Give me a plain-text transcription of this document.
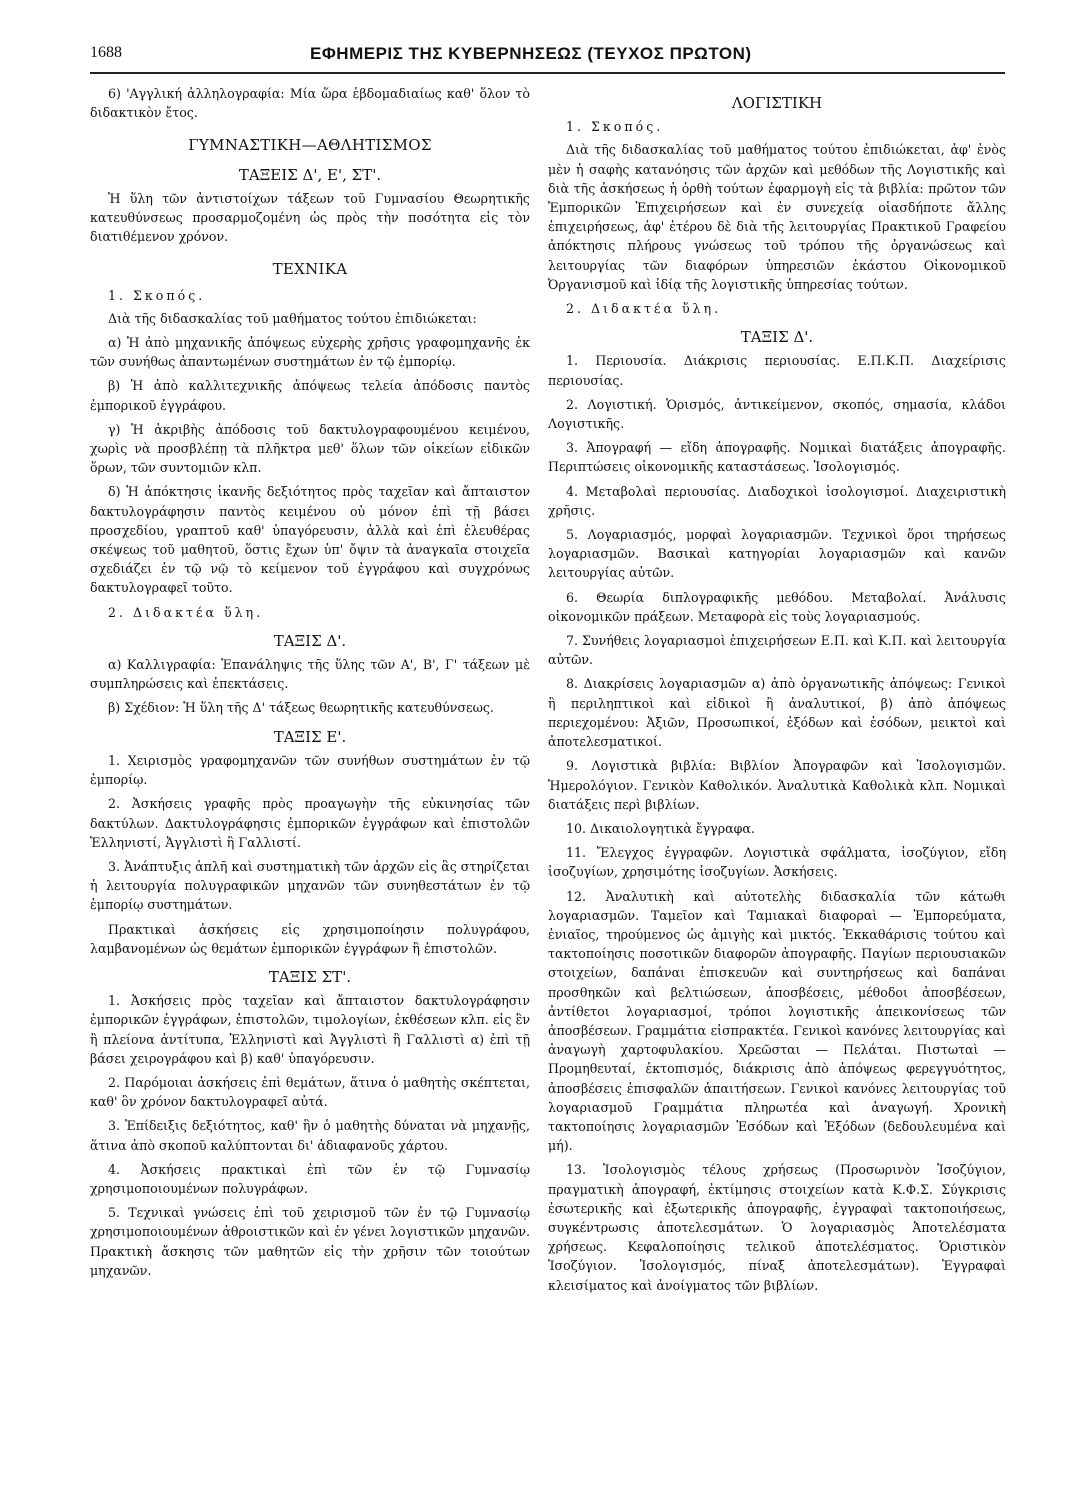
1688	ΕΦΗΜΕΡΙΣ ΤΗΣ ΚΥΒΕΡΝΗΣΕΩΣ (ΤΕΥΧΟΣ ΠΡΩΤΟΝ)

6) 'Αγγλική ἀλληλογραφία: Μία ὥρα ἑβδομαδιαίως καθ' ὅλον τὸ διδακτικὸν ἔτος.

ΓΥΜΝΑΣΤΙΚΗ—ΑΘΛΗΤΙΣΜΟΣ

ΤΑΞΕΙΣ Δ', Ε', ΣΤ'.

Ἡ ὕλη τῶν ἀντιστοίχων τάξεων τοῦ Γυμνασίου Θεωρητικῆς κατευθύνσεως προσαρμοζομένη ὡς πρὸς τὴν ποσότητα εἰς τὸν διατιθέμενον χρόνον.

ΤΕΧΝΙΚΑ

1. Σκοπός.

Διὰ τῆς διδασκαλίας τοῦ μαθήματος τούτου ἐπιδιώκεται:

α) Ἡ ἀπὸ μηχανικῆς ἀπόψεως εὐχερὴς χρῆσις γραφομηχανῆς ἐκ τῶν συνήθως ἀπαντωμένων συστημάτων ἐν τῷ ἐμπορίῳ.

β) Ἡ ἀπὸ καλλιτεχνικῆς ἀπόψεως τελεία ἀπόδοσις παντὸς ἐμπορικοῦ ἐγγράφου.

γ) Ἡ ἀκριβὴς ἀπόδοσις τοῦ δακτυλογραφουμένου κειμένου, χωρὶς νὰ προσβλέπῃ τὰ πλῆκτρα μεθ' ὅλων τῶν οἰκείων εἰδικῶν ὅρων, τῶν συντομιῶν κλπ.

δ) Ἡ ἀπόκτησις ἱκανῆς δεξιότητος πρὸς ταχεῖαν καὶ ἄπταιστον δακτυλογράφησιν παντὸς κειμένου οὐ μόνον ἐπὶ τῇ βάσει προσχεδίου, γραπτοῦ καθ' ὑπαγόρευσιν, ἀλλὰ καὶ ἐπὶ ἐλευθέρας σκέψεως τοῦ μαθητοῦ, ὅστις ἔχων ὑπ' ὄψιν τὰ ἀναγκαῖα στοιχεῖα σχεδιάζει ἐν τῷ νῷ τὸ κείμενον τοῦ ἐγγράφου καὶ συγχρόνως δακτυλογραφεῖ τοῦτο.

2. Διδακτέα ὕλη.

ΤΑΞΙΣ Δ'.

α) Καλλιγραφία: Ἐπανάληψις τῆς ὕλης τῶν Α', Β', Γ' τάξεων μὲ συμπληρώσεις καὶ ἐπεκτάσεις.

β) Σχέδιον: Ἡ ὕλη τῆς Δ' τάξεως θεωρητικῆς κατευθύνσεως.

ΤΑΞΙΣ Ε'.

1. Χειρισμὸς γραφομηχανῶν τῶν συνήθων συστημάτων ἐν τῷ ἐμπορίῳ.

2. Ἀσκήσεις γραφῆς πρὸς προαγωγὴν τῆς εὐκινησίας τῶν δακτύλων. Δακτυλογράφησις ἐμπορικῶν ἐγγράφων καὶ ἐπιστολῶν Ἑλληνιστί, Ἀγγλιστὶ ἢ Γαλλιστί.

3. Ἀνάπτυξις ἁπλῆ καὶ συστηματικὴ τῶν ἀρχῶν εἰς ἃς στηρίζεται ἡ λειτουργία πολυγραφικῶν μηχανῶν τῶν συνηθεστάτων ἐν τῷ ἐμπορίῳ συστημάτων.

Πρακτικαὶ ἀσκήσεις εἰς χρησιμοποίησιν πολυγράφου, λαμβανομένων ὡς θεμάτων ἐμπορικῶν ἐγγράφων ἢ ἐπιστολῶν.

ΤΑΞΙΣ ΣΤ'.

1. Ἀσκήσεις πρὸς ταχεῖαν καὶ ἄπταιστον δακτυλογράφησιν ἐμπορικῶν ἐγγράφων, ἐπιστολῶν, τιμολογίων, ἐκθέσεων κλπ. εἰς ἓν ἢ πλείονα ἀντίτυπα, Ἑλληνιστὶ καὶ Ἀγγλιστὶ ἢ Γαλλιστὶ α) ἐπὶ τῇ βάσει χειρογράφου καὶ β) καθ' ὑπαγόρευσιν.

2. Παρόμοιαι ἀσκήσεις ἐπὶ θεμάτων, ἅτινα ὁ μαθητὴς σκέπτεται, καθ' ὃν χρόνον δακτυλογραφεῖ αὐτά.

3. Ἐπίδειξις δεξιότητος, καθ' ἣν ὁ μαθητὴς δύναται νὰ μηχανῇς, ἅτινα ἀπὸ σκοποῦ καλύπτονται δι' ἀδιαφανοῦς χάρτου.

4. Ἀσκήσεις πρακτικαὶ ἐπὶ τῶν ἐν τῷ Γυμνασίῳ χρησιμοποιουμένων πολυγράφων.

5. Τεχνικαὶ γνώσεις ἐπὶ τοῦ χειρισμοῦ τῶν ἐν τῷ Γυμνασίῳ χρησιμοποιουμένων ἀθροιστικῶν καὶ ἐν γένει λογιστικῶν μηχανῶν. Πρακτικὴ ἄσκησις τῶν μαθητῶν εἰς τὴν χρῆσιν τῶν τοιούτων μηχανῶν.

ΛΟΓΙΣΤΙΚΗ

1. Σκοπός.

Διὰ τῆς διδασκαλίας τοῦ μαθήματος τούτου ἐπιδιώκεται, ἀφ' ἑνὸς μὲν ἡ σαφὴς κατανόησις τῶν ἀρχῶν καὶ μεθόδων τῆς Λογιστικῆς καὶ διὰ τῆς ἀσκήσεως ἡ ὀρθὴ τούτων ἐφαρμογὴ εἰς τὰ βιβλία: πρῶτον τῶν Ἐμπορικῶν Ἐπιχειρήσεων καὶ ἐν συνεχείᾳ οἱασδήποτε ἄλλης ἐπιχειρήσεως, ἀφ' ἑτέρου δὲ διὰ τῆς λειτουργίας Πρακτικοῦ Γραφείου ἀπόκτησις πλήρους γνώσεως τοῦ τρόπου τῆς ὀργανώσεως καὶ λειτουργίας τῶν διαφόρων ὑπηρεσιῶν ἑκάστου Οἰκονομικοῦ Ὀργανισμοῦ καὶ ἰδίᾳ τῆς λογιστικῆς ὑπηρεσίας τούτων.

2. Διδακτέα ὕλη.

ΤΑΞΙΣ Δ'.

1. Περιουσία. Διάκρισις περιουσίας. Ε.Π.Κ.Π. Διαχείρισις περιουσίας.

2. Λογιστική. Ὁρισμός, ἀντικείμενον, σκοπός, σημασία, κλάδοι Λογιστικῆς.

3. Ἀπογραφή — εἴδη ἀπογραφῆς. Νομικαὶ διατάξεις ἀπογραφῆς. Περιπτώσεις οἰκονομικῆς καταστάσεως. Ἰσολογισμός.

4. Μεταβολαὶ περιουσίας. Διαδοχικοὶ ἰσολογισμοί. Διαχειριστικὴ χρῆσις.

5. Λογαριασμός, μορφαὶ λογαριασμῶν. Τεχνικοὶ ὅροι τηρήσεως λογαριασμῶν. Βασικαὶ κατηγορίαι λογαριασμῶν καὶ κανῶν λειτουργίας αὐτῶν.

6. Θεωρία διπλογραφικῆς μεθόδου. Μεταβολαί. Ἀνάλυσις οἰκονομικῶν πράξεων. Μεταφορὰ εἰς τοὺς λογαριασμούς.

7. Συνήθεις λογαριασμοὶ ἐπιχειρήσεων Ε.Π. καὶ Κ.Π. καὶ λειτουργία αὐτῶν.

8. Διακρίσεις λογαριασμῶν α) ἀπὸ ὀργανωτικῆς ἀπόψεως: Γενικοὶ ἢ περιληπτικοὶ καὶ εἰδικοὶ ἢ ἀναλυτικοί, β) ἀπὸ ἀπόψεως περιεχομένου: Ἀξιῶν, Προσωπικοί, ἐξόδων καὶ ἐσόδων, μεικτοὶ καὶ ἀποτελεσματικοί.

9. Λογιστικὰ βιβλία: Βιβλίον Ἀπογραφῶν καὶ Ἰσολογισμῶν. Ἡμερολόγιον. Γενικὸν Καθολικόν. Ἀναλυτικὰ Καθολικὰ κλπ. Νομικαὶ διατάξεις περὶ βιβλίων.

10. Δικαιολογητικὰ ἔγγραφα.

11. Ἔλεγχος ἐγγραφῶν. Λογιστικὰ σφάλματα, ἰσοζύγιον, εἴδη ἰσοζυγίων, χρησιμότης ἰσοζυγίων. Ἀσκήσεις.

12. Ἀναλυτικὴ καὶ αὐτοτελὴς διδασκαλία τῶν κάτωθι λογαριασμῶν. Ταμεῖον καὶ Ταμιακαὶ διαφοραὶ — Ἐμπορεύματα, ἑνιαῖος, τηρούμενος ὡς ἀμιγὴς καὶ μικτός. Ἐκκαθάρισις τούτου καὶ τακτοποίησις ποσοτικῶν διαφορῶν ἀπογραφῆς. Παγίων περιουσιακῶν στοιχείων, δαπάναι ἐπισκευῶν καὶ συντηρήσεως καὶ δαπάναι προσθηκῶν καὶ βελτιώσεων, ἀποσβέσεις, μέθοδοι ἀποσβέσεων, ἀντίθετοι λογαριασμοί, τρόποι λογιστικῆς ἀπεικονίσεως τῶν ἀποσβέσεων. Γραμμάτια εἰσπρακτέα. Γενικοὶ κανόνες λειτουργίας καὶ ἀναγωγὴ χαρτοφυλακίου. Χρεῶσται — Πελάται. Πιστωταὶ — Προμηθευταί, ἐκτοπισμός, διάκρισις ἀπὸ ἀπόψεως φερεγγυότητος, ἀποσβέσεις ἐπισφαλῶν ἀπαιτήσεων. Γενικοὶ κανόνες λειτουργίας τοῦ λογαριασμοῦ Γραμμάτια πληρωτέα καὶ ἀναγωγή. Χρονικὴ τακτοποίησις λογαριασμῶν Ἐσόδων καὶ Ἐξόδων (δεδουλευμένα καὶ μή).

13. Ἰσολογισμὸς τέλους χρήσεως (Προσωρινὸν Ἰσοζύγιον, πραγματικὴ ἀπογραφή, ἐκτίμησις στοιχείων κατὰ Κ.Φ.Σ. Σύγκρισις ἐσωτερικῆς καὶ ἐξωτερικῆς ἀπογραφῆς, ἐγγραφαὶ τακτοποιήσεως, συγκέντρωσις ἀποτελεσμάτων. Ὁ λογαριασμὸς Ἀποτελέσματα χρήσεως. Κεφαλοποίησις τελικοῦ ἀποτελέσματος. Ὁριστικὸν Ἰσοζύγιον. Ἰσολογισμός, πίναξ ἀποτελεσμάτων). Ἐγγραφαὶ κλεισίματος καὶ ἀνοίγματος τῶν βιβλίων.
